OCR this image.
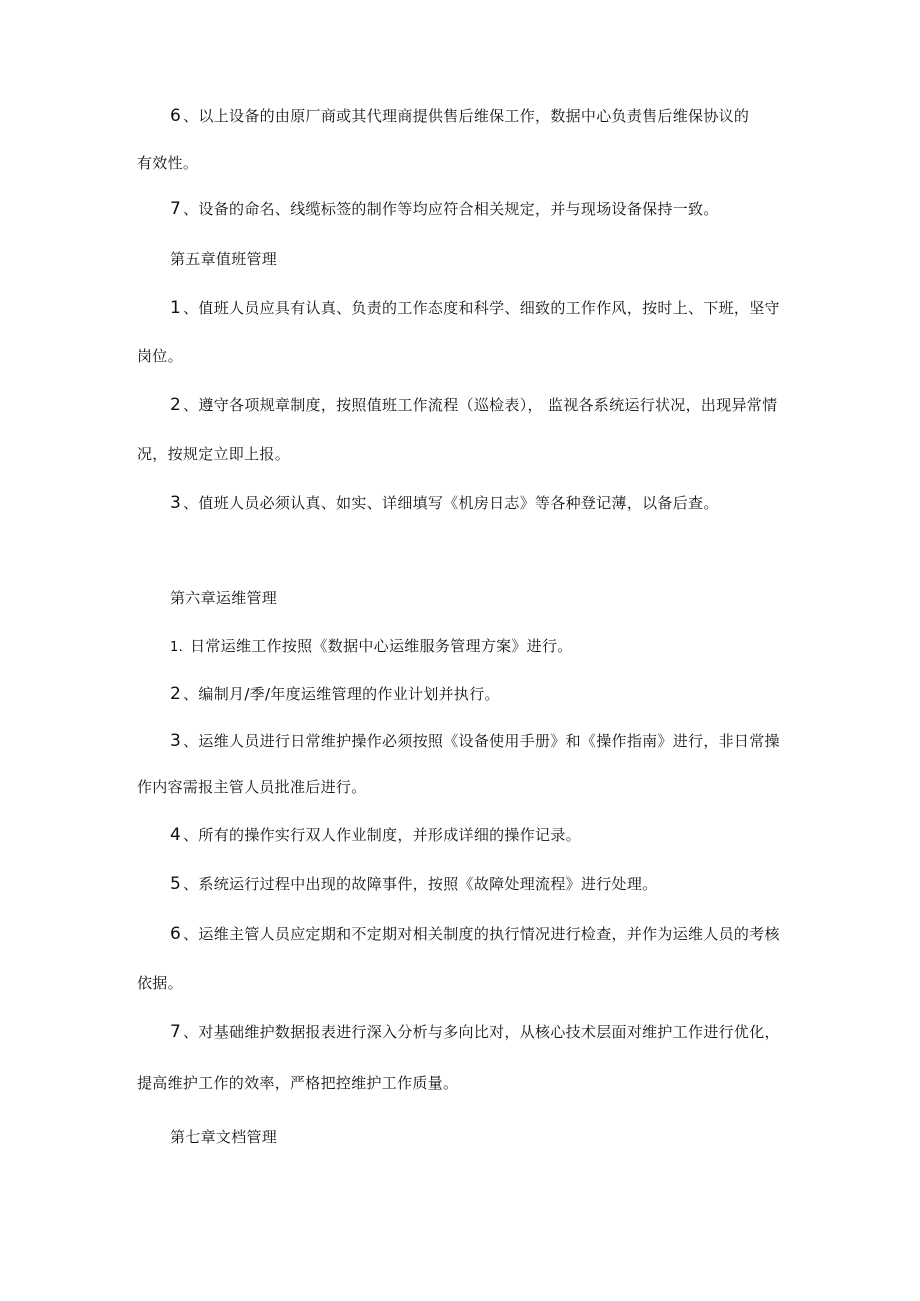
6 、以上设备的由原厂商或其代理商提供售后维保工作，数据中心负责售后维保协议的

有效性。

7 、设备的命名、线缆标签的制作等均应符合相关规定，并与现场设备保持一致。

第五章值班管理

1 、值班人员应具有认真、负责的工作态度和科学、细致的工作作风，按时上、下班，坚守

岗位。

2 、遵守各项规章制度，按照值班工作流程（巡检表）， 监视各系统运行状况，出现异常情

况，按规定立即上报。

3 、值班人员必须认真、如实、详细填写《机房日志》等各种登记薄，以备后查。

第六章运维管理

1. 日常运维工作按照《数据中心运维服务管理方案》进行。

2 、编制月/季/年度运维管理的作业计划并执行。

3 、运维人员进行日常维护操作必须按照《设备使用手册》和《操作指南》进行，非日常操

作内容需报主管人员批准后进行。

4 、所有的操作实行双人作业制度，并形成详细的操作记录。

5 、系统运行过程中出现的故障事件，按照《故障处理流程》进行处理。

6 、运维主管人员应定期和不定期对相关制度的执行情况进行检查，并作为运维人员的考核

依据。

7 、对基础维护数据报表进行深入分析与多向比对，从核心技术层面对维护工作进行优化，

提高维护工作的效率，严格把控维护工作质量。

第七章文档管理
